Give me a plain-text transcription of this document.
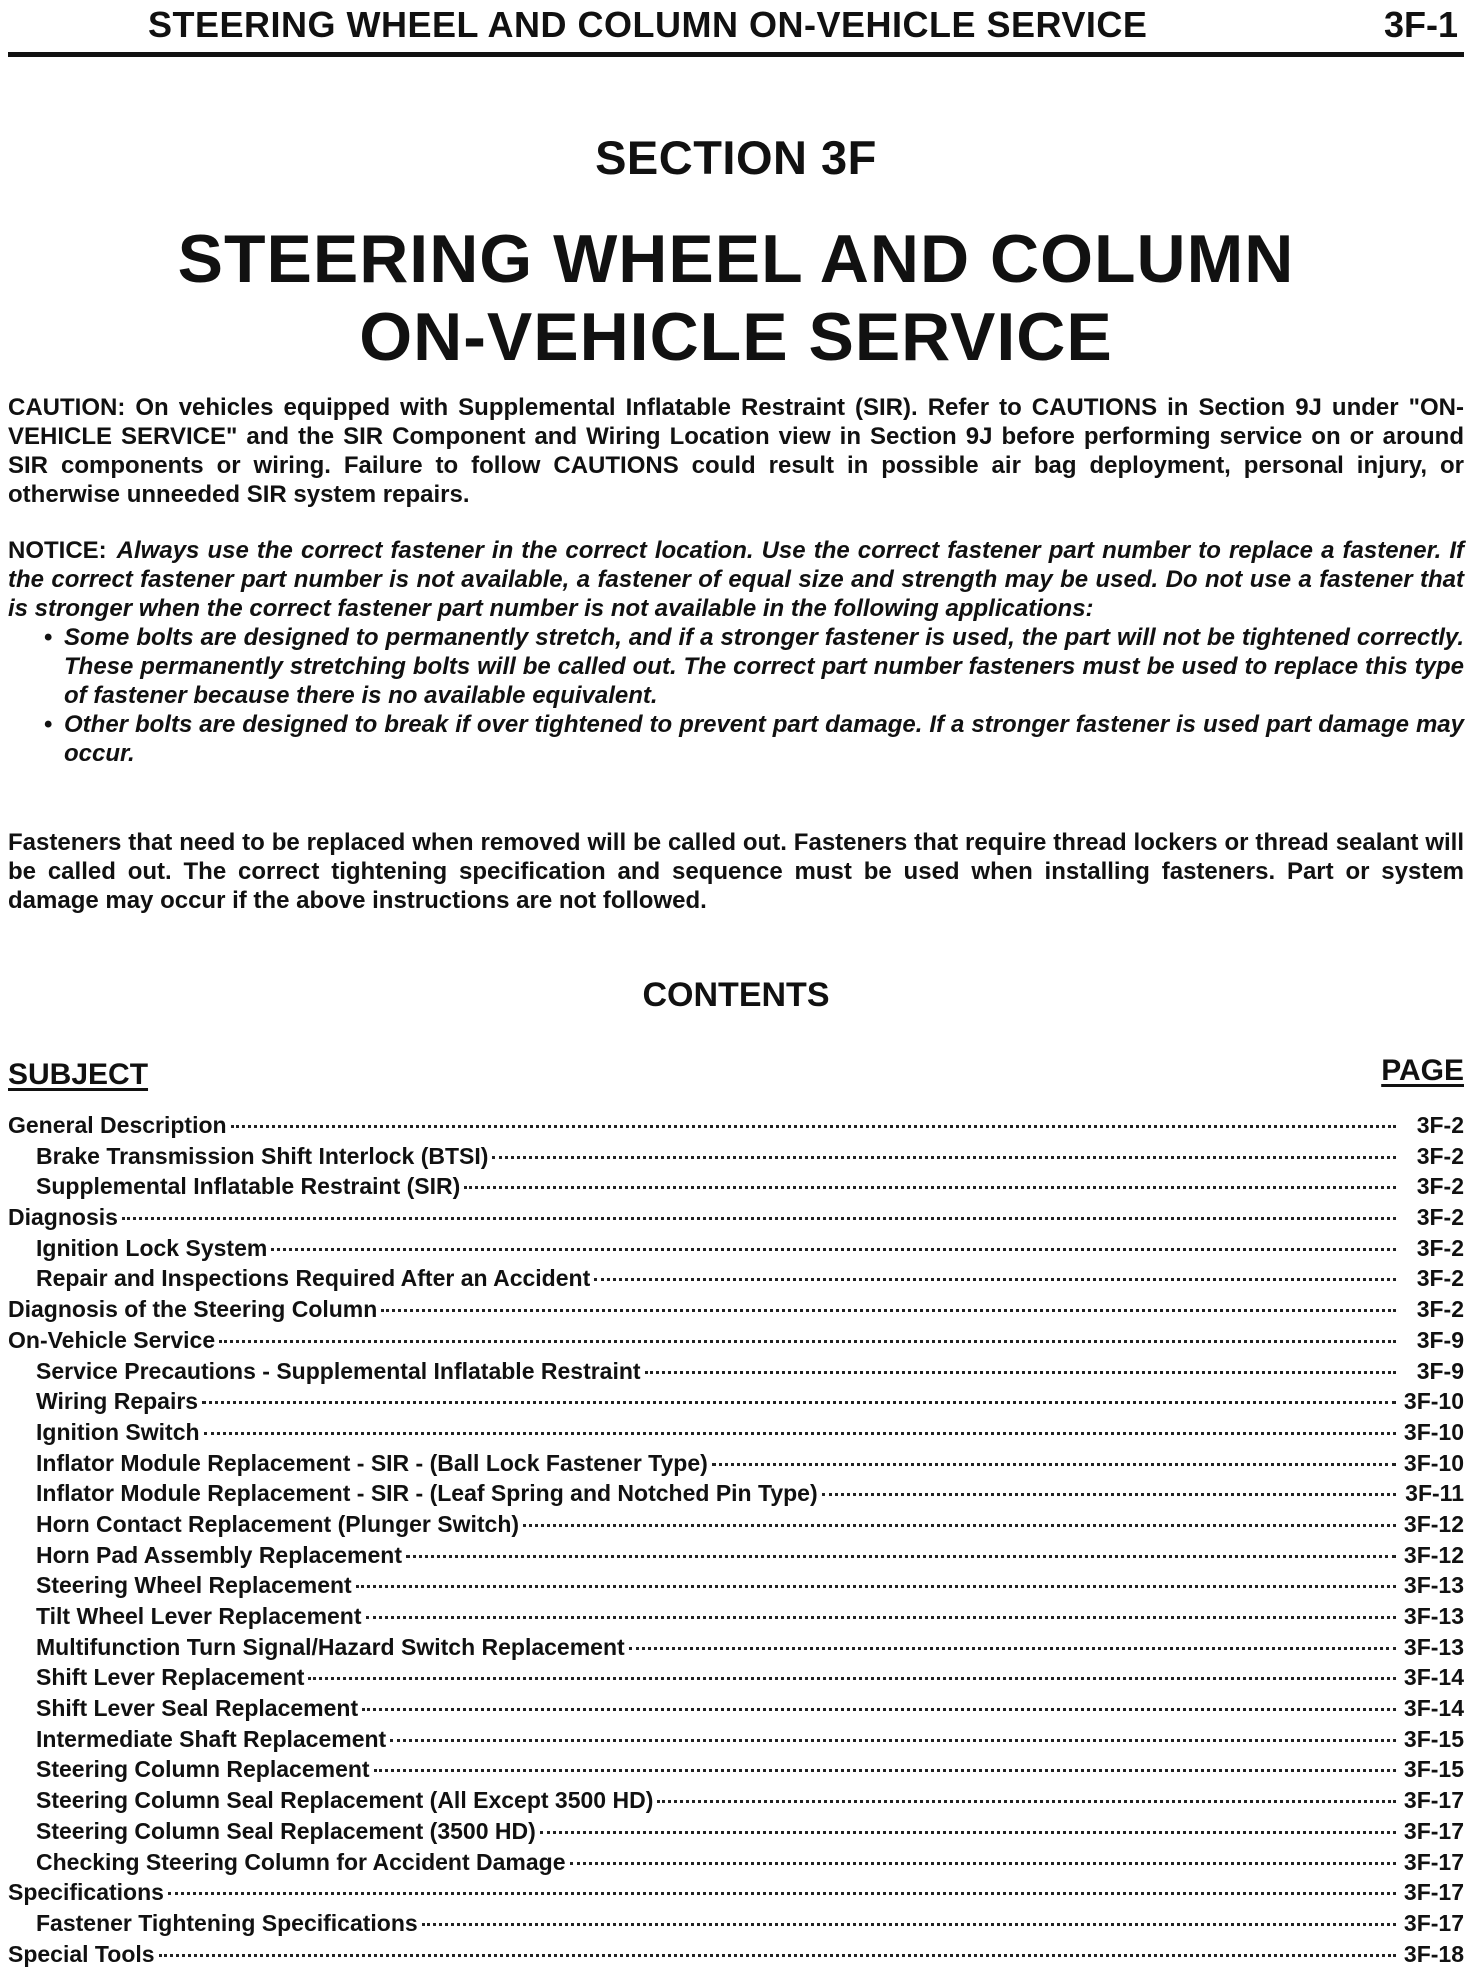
STEERING WHEEL AND COLUMN ON-VEHICLE SERVICE	3F-1
SECTION 3F
STEERING WHEEL AND COLUMN
ON-VEHICLE SERVICE
CAUTION: On vehicles equipped with Supplemental Inflatable Restraint (SIR). Refer to CAUTIONS in Section 9J under "ON-VEHICLE SERVICE" and the SIR Component and Wiring Location view in Section 9J before performing service on or around SIR components or wiring. Failure to follow CAUTIONS could result in possible air bag deployment, personal injury, or otherwise unneeded SIR system repairs.
NOTICE: Always use the correct fastener in the correct location. Use the correct fastener part number to replace a fastener. If the correct fastener part number is not available, a fastener of equal size and strength may be used. Do not use a fastener that is stronger when the correct fastener part number is not available in the following applications:
• Some bolts are designed to permanently stretch, and if a stronger fastener is used, the part will not be tightened correctly. These permanently stretching bolts will be called out. The correct part number fasteners must be used to replace this type of fastener because there is no available equivalent.
• Other bolts are designed to break if over tightened to prevent part damage. If a stronger fastener is used part damage may occur.
Fasteners that need to be replaced when removed will be called out. Fasteners that require thread lockers or thread sealant will be called out. The correct tightening specification and sequence must be used when installing fasteners. Part or system damage may occur if the above instructions are not followed.
CONTENTS
SUBJECT	PAGE
General Description	3F-2
Brake Transmission Shift Interlock (BTSI)	3F-2
Supplemental Inflatable Restraint (SIR)	3F-2
Diagnosis	3F-2
Ignition Lock System	3F-2
Repair and Inspections Required After an Accident	3F-2
Diagnosis of the Steering Column	3F-2
On-Vehicle Service	3F-9
Service Precautions - Supplemental Inflatable Restraint	3F-9
Wiring Repairs	3F-10
Ignition Switch	3F-10
Inflator Module Replacement - SIR - (Ball Lock Fastener Type)	3F-10
Inflator Module Replacement - SIR - (Leaf Spring and Notched Pin Type)	3F-11
Horn Contact Replacement (Plunger Switch)	3F-12
Horn Pad Assembly Replacement	3F-12
Steering Wheel Replacement	3F-13
Tilt Wheel Lever Replacement	3F-13
Multifunction Turn Signal/Hazard Switch Replacement	3F-13
Shift Lever Replacement	3F-14
Shift Lever Seal Replacement	3F-14
Intermediate Shaft Replacement	3F-15
Steering Column Replacement	3F-15
Steering Column Seal Replacement (All Except 3500 HD)	3F-17
Steering Column Seal Replacement (3500 HD)	3F-17
Checking Steering Column for Accident Damage	3F-17
Specifications	3F-17
Fastener Tightening Specifications	3F-17
Special Tools	3F-18
